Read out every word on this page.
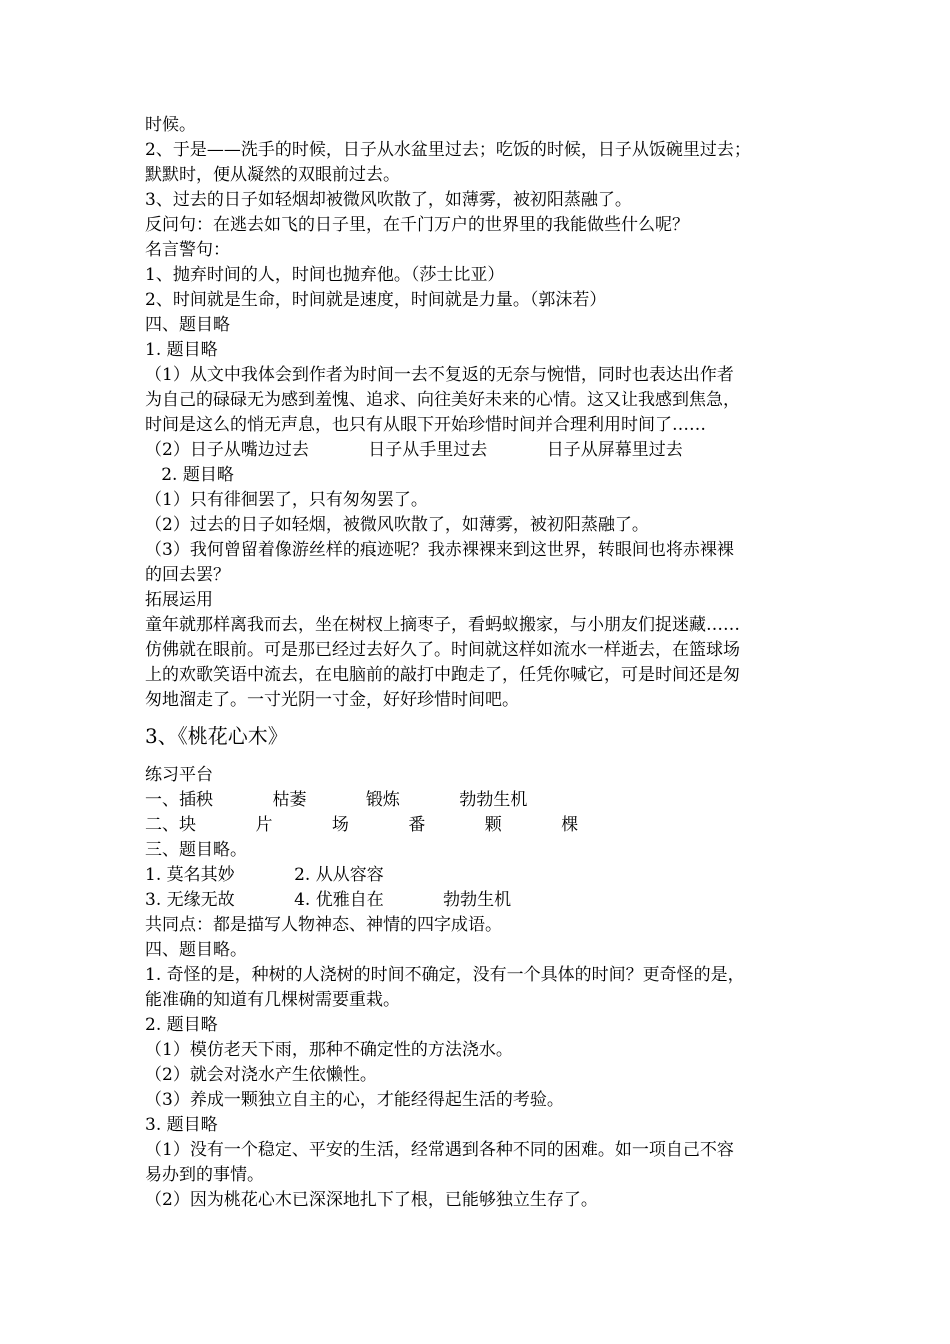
时候。
2、于是——洗手的时候，日子从水盆里过去；吃饭的时候，日子从饭碗里过去；
默默时，便从凝然的双眼前过去。
3、过去的日子如轻烟却被微风吹散了，如薄雾，被初阳蒸融了。
反问句：在逃去如飞的日子里，在千门万户的世界里的我能做些什么呢？
名言警句：
1、抛弃时间的人，时间也抛弃他。（莎士比亚）
2、时间就是生命，时间就是速度，时间就是力量。（郭沫若）
四、题目略
1. 题目略
（1）从文中我体会到作者为时间一去不复返的无奈与惋惜，同时也表达出作者
为自己的碌碌无为感到羞愧、追求、向往美好未来的心情。这又让我感到焦急，
时间是这么的悄无声息，也只有从眼下开始珍惜时间并合理利用时间了……
（2）日子从嘴边过去           日子从手里过去           日子从屏幕里过去
2. 题目略
（1）只有徘徊罢了，只有匆匆罢了。
（2）过去的日子如轻烟，被微风吹散了，如薄雾，被初阳蒸融了。
（3）我何曾留着像游丝样的痕迹呢？我赤裸裸来到这世界，转眼间也将赤裸裸
的回去罢？
拓展运用
童年就那样离我而去，坐在树杈上摘枣子，看蚂蚁搬家，与小朋友们捉迷藏……
仿佛就在眼前。可是那已经过去好久了。时间就这样如流水一样逝去，在篮球场
上的欢歌笑语中流去，在电脑前的敲打中跑走了，任凭你喊它，可是时间还是匆
匆地溜走了。一寸光阴一寸金，好好珍惜时间吧。
3、《桃花心木》
练习平台
一、插秧           枯萎           锻炼           勃勃生机
二、块           片           场           番           颗           棵
三、题目略。
1. 莫名其妙           2. 从从容容
3. 无缘无故           4. 优雅自在           勃勃生机
共同点：都是描写人物神态、神情的四字成语。
四、题目略。
1. 奇怪的是，种树的人浇树的时间不确定，没有一个具体的时间？更奇怪的是，
能准确的知道有几棵树需要重栽。
2. 题目略
（1）模仿老天下雨，那种不确定性的方法浇水。
（2）就会对浇水产生依懒性。
（3）养成一颗独立自主的心，才能经得起生活的考验。
3. 题目略
（1）没有一个稳定、平安的生活，经常遇到各种不同的困难。如一项自己不容
易办到的事情。
（2）因为桃花心木已深深地扎下了根，已能够独立生存了。
